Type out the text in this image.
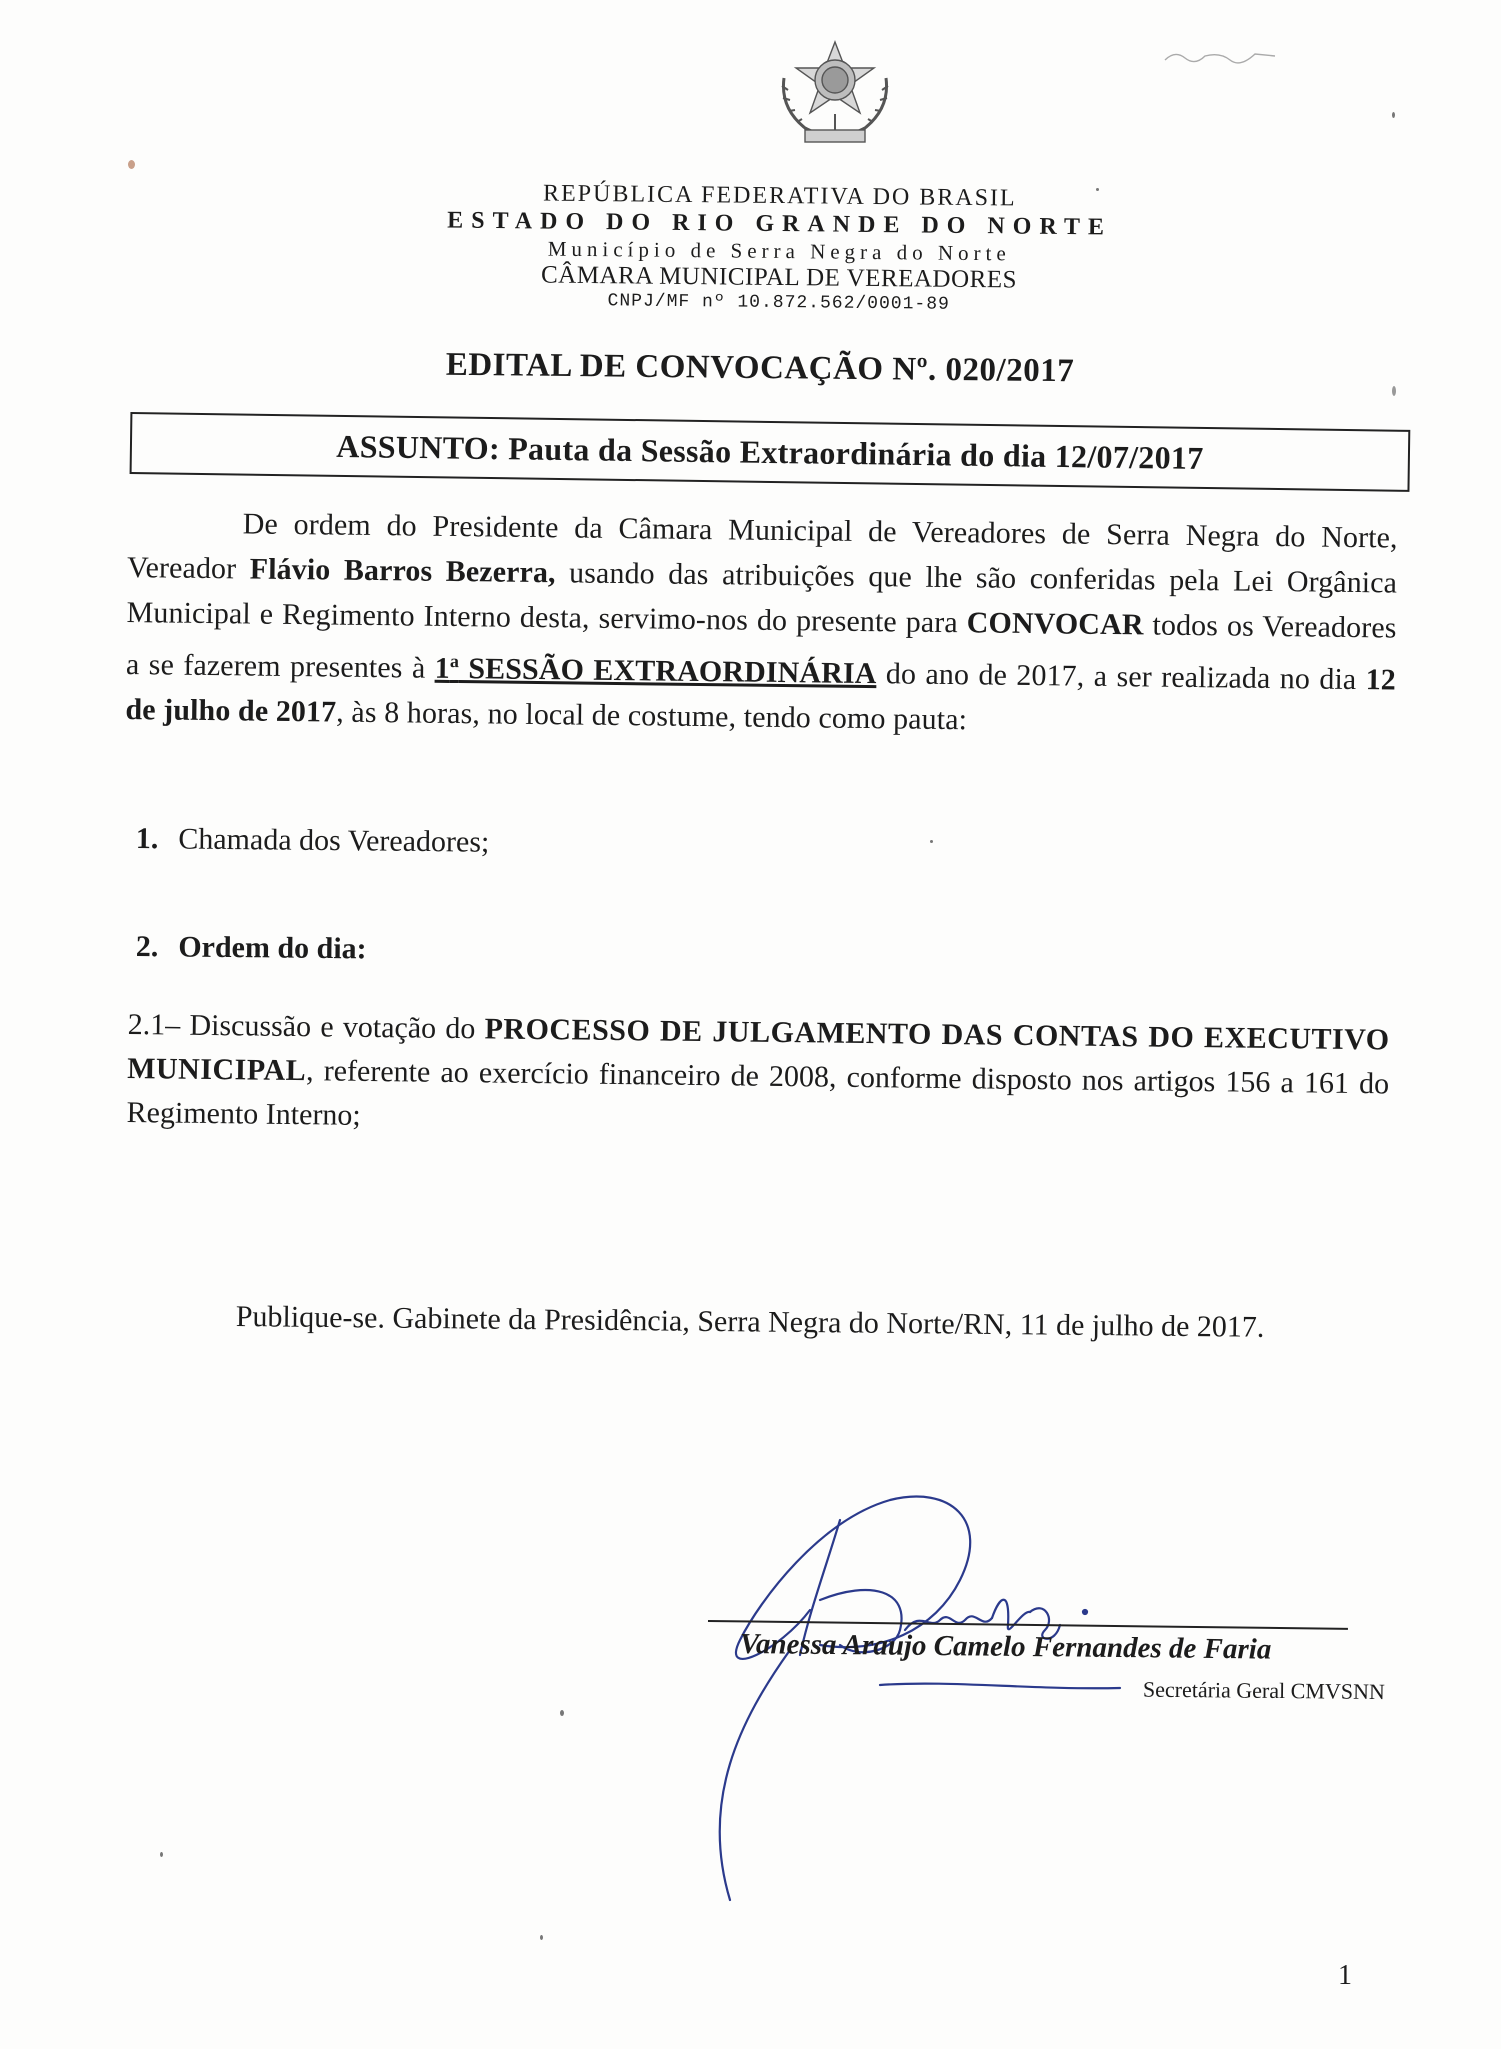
REPÚBLICA FEDERATIVA DO BRASIL

ESTADO DO RIO GRANDE DO NORTE

Município de Serra Negra do Norte

CÂMARA MUNICIPAL DE VEREADORES

CNPJ/MF nº 10.872.562/0001-89

EDITAL DE CONVOCAÇÃO Nº. 020/2017
ASSUNTO: Pauta da Sessão Extraordinária do dia 12/07/2017

De ordem do Presidente da Câmara Municipal de Vereadores de Serra Negra do Norte, Vereador Flávio Barros Bezerra, usando das atribuições que lhe são conferidas pela Lei Orgânica Municipal e Regimento Interno desta, servimo-nos do presente para CONVOCAR todos os Vereadores a se fazerem presentes à 1$^a$ SESSÃO EXTRAORDINÁRIA do ano de 2017, a ser realizada no dia 12 de julho de 2017, às 8 horas, no local de costume, tendo como pauta:

1. Chamada dos Vereadores;
2. Ordem do dia:

2.1– Discussão e votação do PROCESSO DE JULGAMENTO DAS CONTAS DO EXECUTIVO MUNICIPAL, referente ao exercício financeiro de 2008, conforme disposto nos artigos 156 a 161 do Regimento Interno;

Publique-se. Gabinete da Presidência, Serra Negra do Norte/RN, 11 de julho de 2017.
Vanessa Araujo Camelo Fernandes de Faria
Secretária Geral CMVSNN
1
